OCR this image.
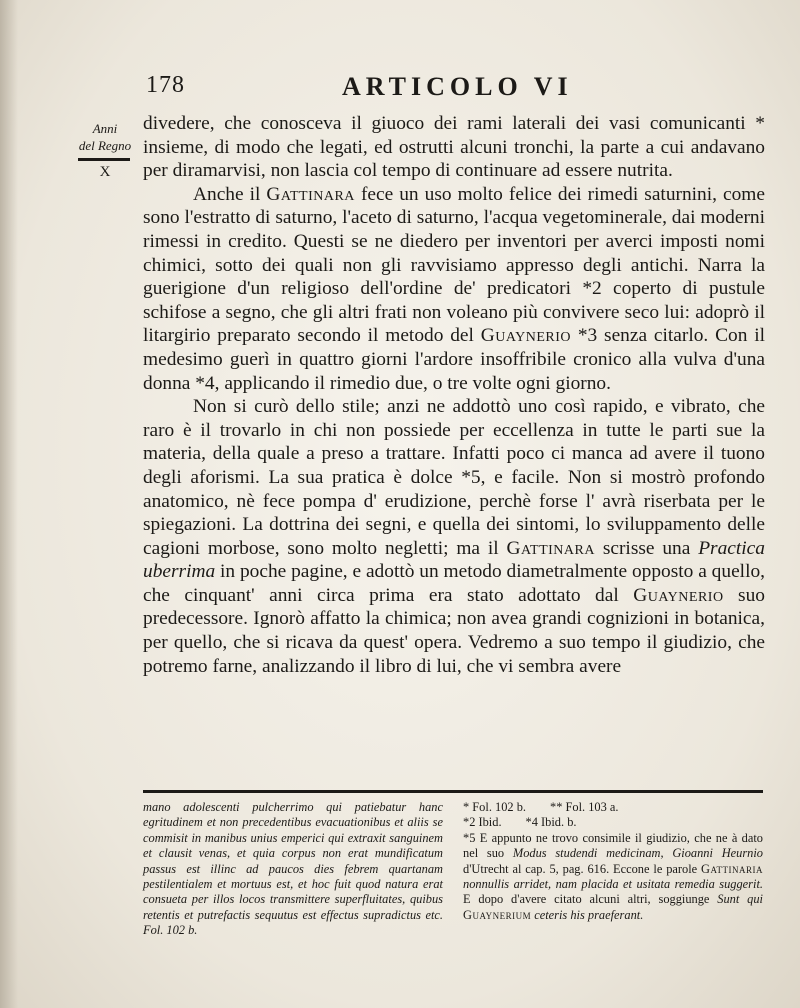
178	ARTICOLO VI
Anni
del Regno
X

divedere, che conosceva il giuoco dei rami laterali dei vasi comunicanti * insieme, di modo che legati, ed ostrutti alcuni tronchi, la parte a cui andavano per diramarvisi, non lascia col tempo di continuare ad essere nutrita.

Anche il Gattinara fece un uso molto felice dei rimedi saturnini, come sono l'estratto di saturno, l'aceto di saturno, l'acqua vegetominerale, dai moderni rimessi in credito. Questi se ne diedero per inventori per averci imposti nomi chimici, sotto dei quali non gli ravvisiamo appresso degli antichi. Narra la guerigione d'un religioso dell'ordine de' predicatori *2 coperto di pustule schifose a segno, che gli altri frati non voleano più convivere seco lui: adoprò il litargirio preparato secondo il metodo del Guaynerio *3 senza citarlo. Con il medesimo guerì in quattro giorni l'ardore insoffribile cronico alla vulva d'una donna *4, applicando il rimedio due, o tre volte ogni giorno.

Non si curò dello stile; anzi ne addottò uno così rapido, e vibrato, che raro è il trovarlo in chi non possiede per eccellenza in tutte le parti sue la materia, della quale a preso a trattare. Infatti poco ci manca ad avere il tuono degli aforismi. La sua pratica è dolce *5, e facile. Non si mostrò profondo anatomico, nè fece pompa d' erudizione, perchè forse l' avrà riserbata per le spiegazioni. La dottrina dei segni, e quella dei sintomi, lo sviluppamento delle cagioni morbose, sono molto negletti; ma il Gattinara scrisse una Practica uberrima in poche pagine, e adottò un metodo diametralmente opposto a quello, che cinquant' anni circa prima era stato adottato dal Guaynerio suo predecessore. Ignorò affatto la chimica; non avea grandi cognizioni in botanica, per quello, che si ricava da quest' opera. Vedremo a suo tempo il giudizio, che potremo farne, analizzando il libro di lui, che vi sembra avere

mano adolescenti pulcherrimo qui patiebatur hanc egritudinem et non precedentibus evacuationibus et aliis se commisit in manibus unius emperici qui extraxit sanguinem et clausit venas, et quia corpus non erat mundificatum passus est illinc ad paucos dies febrem quartanam pestilentialem et mortuus est, et hoc fuit quod natura erat consueta per illos locos transmittere superfluitates, quibus retentis et putrefactis sequutus est effectus supradictus etc. Fol. 102 b.

* Fol. 102 b. ** Fol. 103 a.

*2 Ibid. *4 Ibid. b.

*5 E appunto ne trovo consimile il giudizio, che ne à dato nel suo Modus studendi medicinam, Gioanni Heurnio d'Utrecht al cap. 5, pag. 616. Eccone le parole Gattinaria nonnullis arridet, nam placida et usitata remedia suggerit. E dopo d'avere citato alcuni altri, soggiunge Sunt qui Guaynerium ceteris his praeferant.
